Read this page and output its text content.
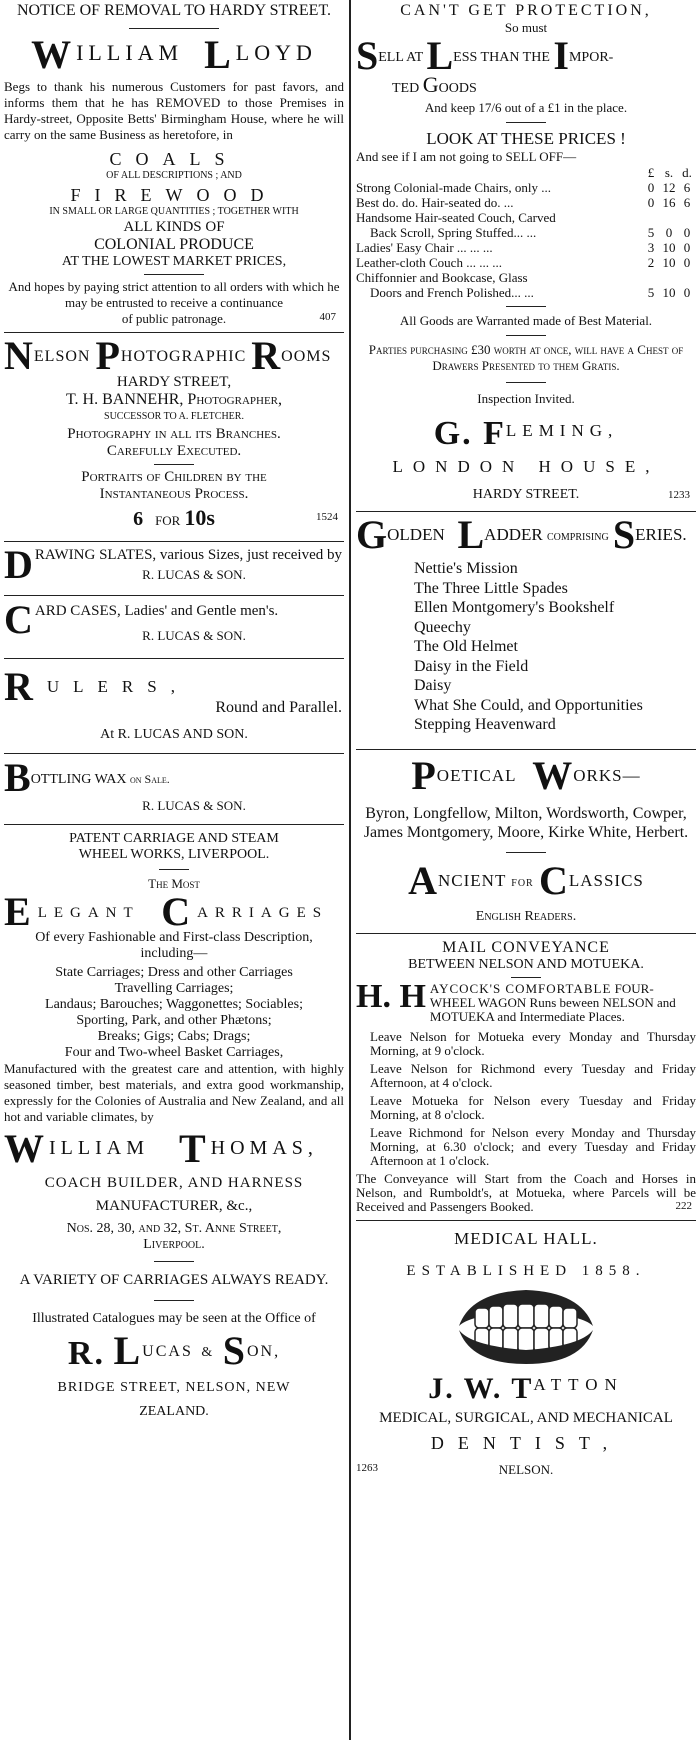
NOTICE OF REMOVAL TO HARDY STREET.

WILLIAM LLOYD

Begs to thank his numerous Customers for past favors, and informs them that he has REMOVED to those Premises in Hardy-street, Opposite Betts' Birmingham House, where he will carry on the same Business as heretofore, in

COALS

OF ALL DESCRIPTIONS ; AND

FIREWOOD

IN SMALL OR LARGE QUANTITIES ; TOGETHER WITH

ALL KINDS OF

COLONIAL PRODUCE

AT THE LOWEST MARKET PRICES,

And hopes by paying strict attention to all orders with which he may be entrusted to receive a continuance

of public patronage.	407

NELSON PHOTOGRAPHIC ROOMS

HARDY STREET,

T. H. BANNEHR, Photographer,

SUCCESSOR TO A. FLETCHER.

Photography in all its Branches.

Carefully Executed.

Portraits of Children by the

Instantaneous Process.

6 FOR 10s	1524

DRAWING SLATES, various Sizes, just received by

R. LUCAS & SON.

CARD CASES, Ladies' and Gentle men's.

R. LUCAS & SON.

RULERS,

Round and Parallel.

At R. LUCAS AND SON.

BOTTLING WAX on Sale.

R. LUCAS & SON.

PATENT CARRIAGE AND STEAM

WHEEL WORKS, LIVERPOOL.

The Most

ELEGANT CARRIAGES

Of every Fashionable and First-class Description, including—

State Carriages; Dress and other Carriages

Travelling Carriages;

Landaus; Barouches; Waggonettes; Sociables;

Sporting, Park, and other Phætons;

Breaks; Gigs; Cabs; Drags;

Four and Two-wheel Basket Carriages,

Manufactured with the greatest care and attention, with highly seasoned timber, best materials, and extra good workmanship, expressly for the Colonies of Australia and New Zealand, and all hot and variable climates, by

WILLIAM THOMAS,

COACH BUILDER, AND HARNESS

MANUFACTURER, &c.,

Nos. 28, 30, and 32, St. Anne Street,

Liverpool.

A VARIETY OF CARRIAGES ALWAYS READY.

Illustrated Catalogues may be seen at the Office of

R. LUCAS & SON,

BRIDGE STREET, NELSON, NEW

ZEALAND.

CAN'T GET PROTECTION,

So must

SELL AT LESS THAN THE IMPOR-

TED GOODS

And keep 17/6 out of a £1 in the place.

LOOK AT THESE PRICES !

And see if I am not going to SELL OFF—

	£	s.	d.
Strong Colonial-made Chairs, only ...	0	12	6
Best do. do. Hair-seated do. ...	0	16	6
Handsome Hair-seated Couch, Carved			
Back Scroll, Spring Stuffed... ...	5	0	0
Ladies' Easy Chair ... ... ...	3	10	0
Leather-cloth Couch ... ... ...	2	10	0
Chiffonnier and Bookcase, Glass			
Doors and French Polished... ...	5	10	0

All Goods are Warranted made of Best Material.

Parties purchasing £30 worth at once, will have a Chest of Drawers Presented to them Gratis.

Inspection Invited.

G. $F^{LEMING,}$

LONDON HOUSE,

HARDY STREET.	1233

GOLDEN LADDER COMPRISING SERIES.

Nettie's Mission

The Three Little Spades

Ellen Montgomery's Bookshelf

Queechy

The Old Helmet

Daisy in the Field

Daisy

What She Could, and Opportunities

Stepping Heavenward

POETICAL WORKS—

Byron, Longfellow, Milton, Wordsworth, Cowper, James Montgomery, Moore, Kirke White, Herbert.

ANCIENT FOR CLASSICS

English Readers.

MAIL CONVEYANCE

BETWEEN NELSON AND MOTUEKA.

H. H AYCOCK'S COMFORTABLE FOUR-WHEEL WAGON Runs beween NELSON and MOTUEKA and Intermediate Places.

Leave Nelson for Motueka every Monday and Thursday Morning, at 9 o'clock.

Leave Nelson for Richmond every Tuesday and Friday Afternoon, at 4 o'clock.

Leave Motueka for Nelson every Tuesday and Friday Morning, at 8 o'clock.

Leave Richmond for Nelson every Monday and Thursday Morning, at 6.30 o'clock; and every Tuesday and Friday Afternoon at 1 o'clock.

The Conveyance will Start from the Coach and Horses in Nelson, and Rumboldt's, at Motueka, where Parcels will be Received and Passengers Booked.	222

MEDICAL HALL.

ESTABLISHED 1858.

J. W. $T^{ATTON}$

MEDICAL, SURGICAL, AND MECHANICAL

DENTIST,

1263	NELSON.
